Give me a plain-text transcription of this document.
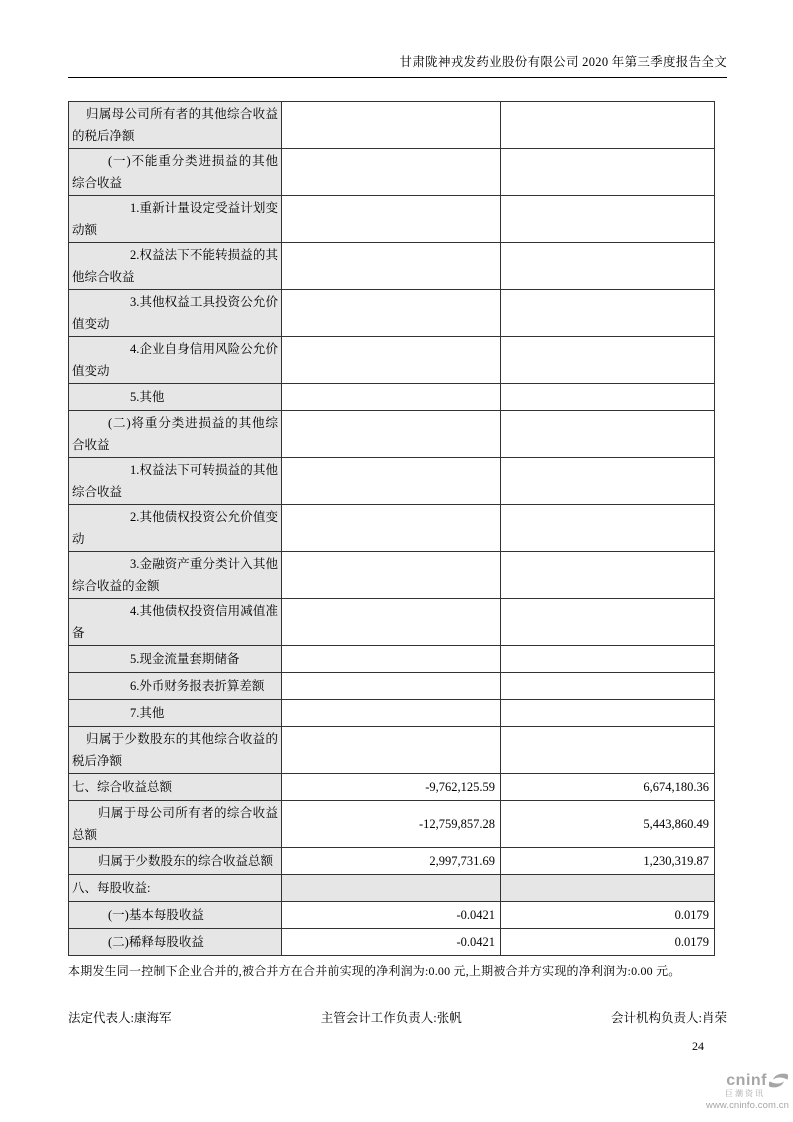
甘肃陇神戎发药业股份有限公司 2020 年第三季度报告全文
归属母公司所有者的其他综合收益的税后净额		

(一)不能重分类进损益的其他综合收益		

1.重新计量设定受益计划变动额		

2.权益法下不能转损益的其他综合收益		

3.其他权益工具投资公允价值变动		

4.企业自身信用风险公允价值变动		

5.其他		

(二)将重分类进损益的其他综合收益		

1.权益法下可转损益的其他综合收益		

2.其他债权投资公允价值变动		

3.金融资产重分类计入其他综合收益的金额		

4.其他债权投资信用减值准备		

5.现金流量套期储备		

6.外币财务报表折算差额		

7.其他		

归属于少数股东的其他综合收益的税后净额		

七、综合收益总额	-9,762,125.59	6,674,180.36

归属于母公司所有者的综合收益总额	-12,759,857.28	5,443,860.49

归属于少数股东的综合收益总额	2,997,731.69	1,230,319.87

八、每股收益:		

(一)基本每股收益	-0.0421	0.0179

(二)稀释每股收益	-0.0421	0.0179
本期发生同一控制下企业合并的,被合并方在合并前实现的净利润为:0.00 元,上期被合并方实现的净利润为:0.00 元。
法定代表人:康海军	主管会计工作负责人:张帆	会计机构负责人:肖荣
24
cninf
巨潮资讯
www.cninfo.com.cn
